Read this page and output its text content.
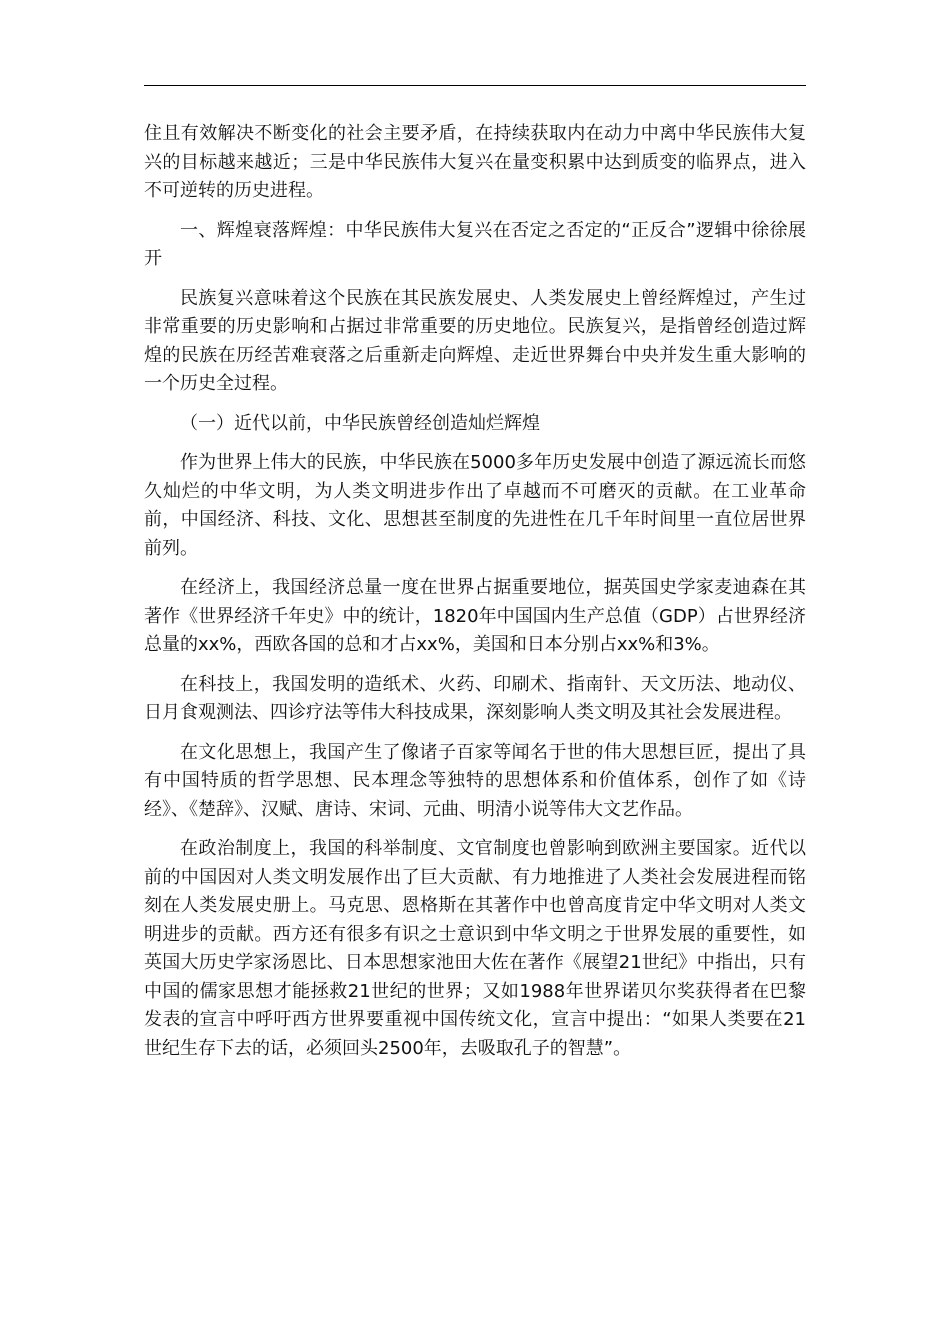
住且有效解决不断变化的社会主要矛盾，在持续获取内在动力中离中华民族伟大复兴的目标越来越近；三是中华民族伟大复兴在量变积累中达到质变的临界点，进入不可逆转的历史进程。

一、辉煌衰落辉煌：中华民族伟大复兴在否定之否定的“正反合”逻辑中徐徐展开

民族复兴意味着这个民族在其民族发展史、人类发展史上曾经辉煌过，产生过非常重要的历史影响和占据过非常重要的历史地位。民族复兴，是指曾经创造过辉煌的民族在历经苦难衰落之后重新走向辉煌、走近世界舞台中央并发生重大影响的一个历史全过程。

（一）近代以前，中华民族曾经创造灿烂辉煌

作为世界上伟大的民族，中华民族在5000多年历史发展中创造了源远流长而悠久灿烂的中华文明，为人类文明进步作出了卓越而不可磨灭的贡献。在工业革命前，中国经济、科技、文化、思想甚至制度的先进性在几千年时间里一直位居世界前列。

在经济上，我国经济总量一度在世界占据重要地位，据英国史学家麦迪森在其著作《世界经济千年史》中的统计，1820年中国国内生产总值（GDP）占世界经济总量的xx%，西欧各国的总和才占xx%，美国和日本分别占xx%和3%。

在科技上，我国发明的造纸术、火药、印刷术、指南针、天文历法、地动仪、日月食观测法、四诊疗法等伟大科技成果，深刻影响人类文明及其社会发展进程。

在文化思想上，我国产生了像诸子百家等闻名于世的伟大思想巨匠，提出了具有中国特质的哲学思想、民本理念等独特的思想体系和价值体系，创作了如《诗经》、《楚辞》、汉赋、唐诗、宋词、元曲、明清小说等伟大文艺作品。

在政治制度上，我国的科举制度、文官制度也曾影响到欧洲主要国家。近代以前的中国因对人类文明发展作出了巨大贡献、有力地推进了人类社会发展进程而铭刻在人类发展史册上。马克思、恩格斯在其著作中也曾高度肯定中华文明对人类文明进步的贡献。西方还有很多有识之士意识到中华文明之于世界发展的重要性，如英国大历史学家汤恩比、日本思想家池田大佐在著作《展望21世纪》中指出，只有中国的儒家思想才能拯救21世纪的世界；又如1988年世界诺贝尔奖获得者在巴黎发表的宣言中呼吁西方世界要重视中国传统文化，宣言中提出：“如果人类要在21世纪生存下去的话，必须回头2500年，去吸取孔子的智慧”。
